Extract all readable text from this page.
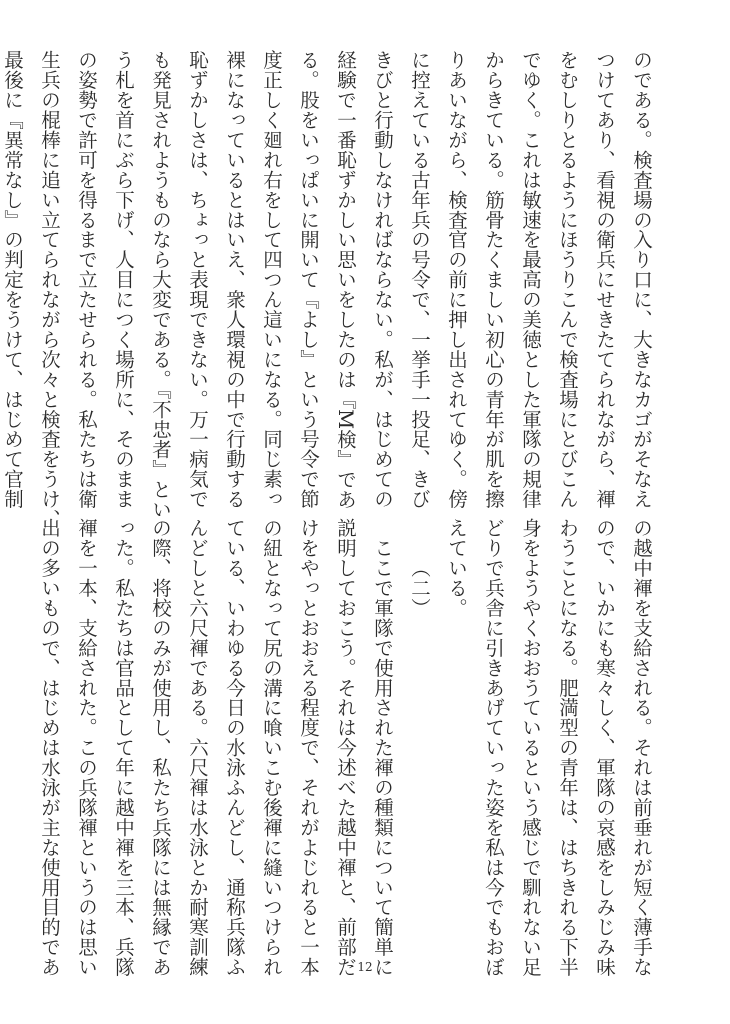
のである。検査場の入り口に、大きなカゴがそなえ
つけてあり、看視の衛兵にせきたてられながら、褌
をむしりとるようにほうりこんで検査場にとびこん
でゆく。これは敏速を最高の美徳とした軍隊の規律
からきている。筋骨たくましい初心の青年が肌を擦
りあいながら、検査官の前に押し出されてゆく。傍
に控えている古年兵の号令で、一挙手一投足、きび
きびと行動しなければならない。私が、はじめての
経験で一番恥ずかしい思いをしたのは『M検』であ
る。股をいっぱいに開いて『よし』という号令で節
度正しく廻れ右をして四つん這いになる。同じ素っ
裸になっているとはいえ、衆人環視の中で行動する
恥ずかしさは、ちょっと表現できない。万一病気で
も発見されようものなら大変である。『不忠者』とい
う札を首にぶら下げ、人目につく場所に、そのまま
の姿勢で許可を得るまで立たせられる。私たちは衛
生兵の棍棒に追い立てられながら次々と検査をうけ、
最後に『異常なし』の判定をうけて、はじめて官制
の越中褌を支給される。それは前垂れが短く薄手な
ので、いかにも寒々しく、軍隊の哀感をしみじみ味
わうことになる。肥満型の青年は、はちきれる下半
身をようやくおおうているという感じで馴れない足
どりで兵舎に引きあげていった姿を私は今でもおぼ
えている。
（二）
　ここで軍隊で使用された褌の種類について簡単に
説明しておこう。それは今述べた越中褌と、前部だ
けをやっとおおえる程度で、それがよじれると一本
の紐となって尻の溝に喰いこむ後褌に縫いつけられ
ている、いわゆる今日の水泳ふんどし、通称兵隊ふ
んどしと六尺褌である。六尺褌は水泳とか耐寒訓練
の際、将校のみが使用し、私たち兵隊には無縁であ
った。私たちは官品として年に越中褌を三本、兵隊
褌を一本、支給された。この兵隊褌というのは思い
出の多いもので、はじめは水泳が主な使用目的であ	12
